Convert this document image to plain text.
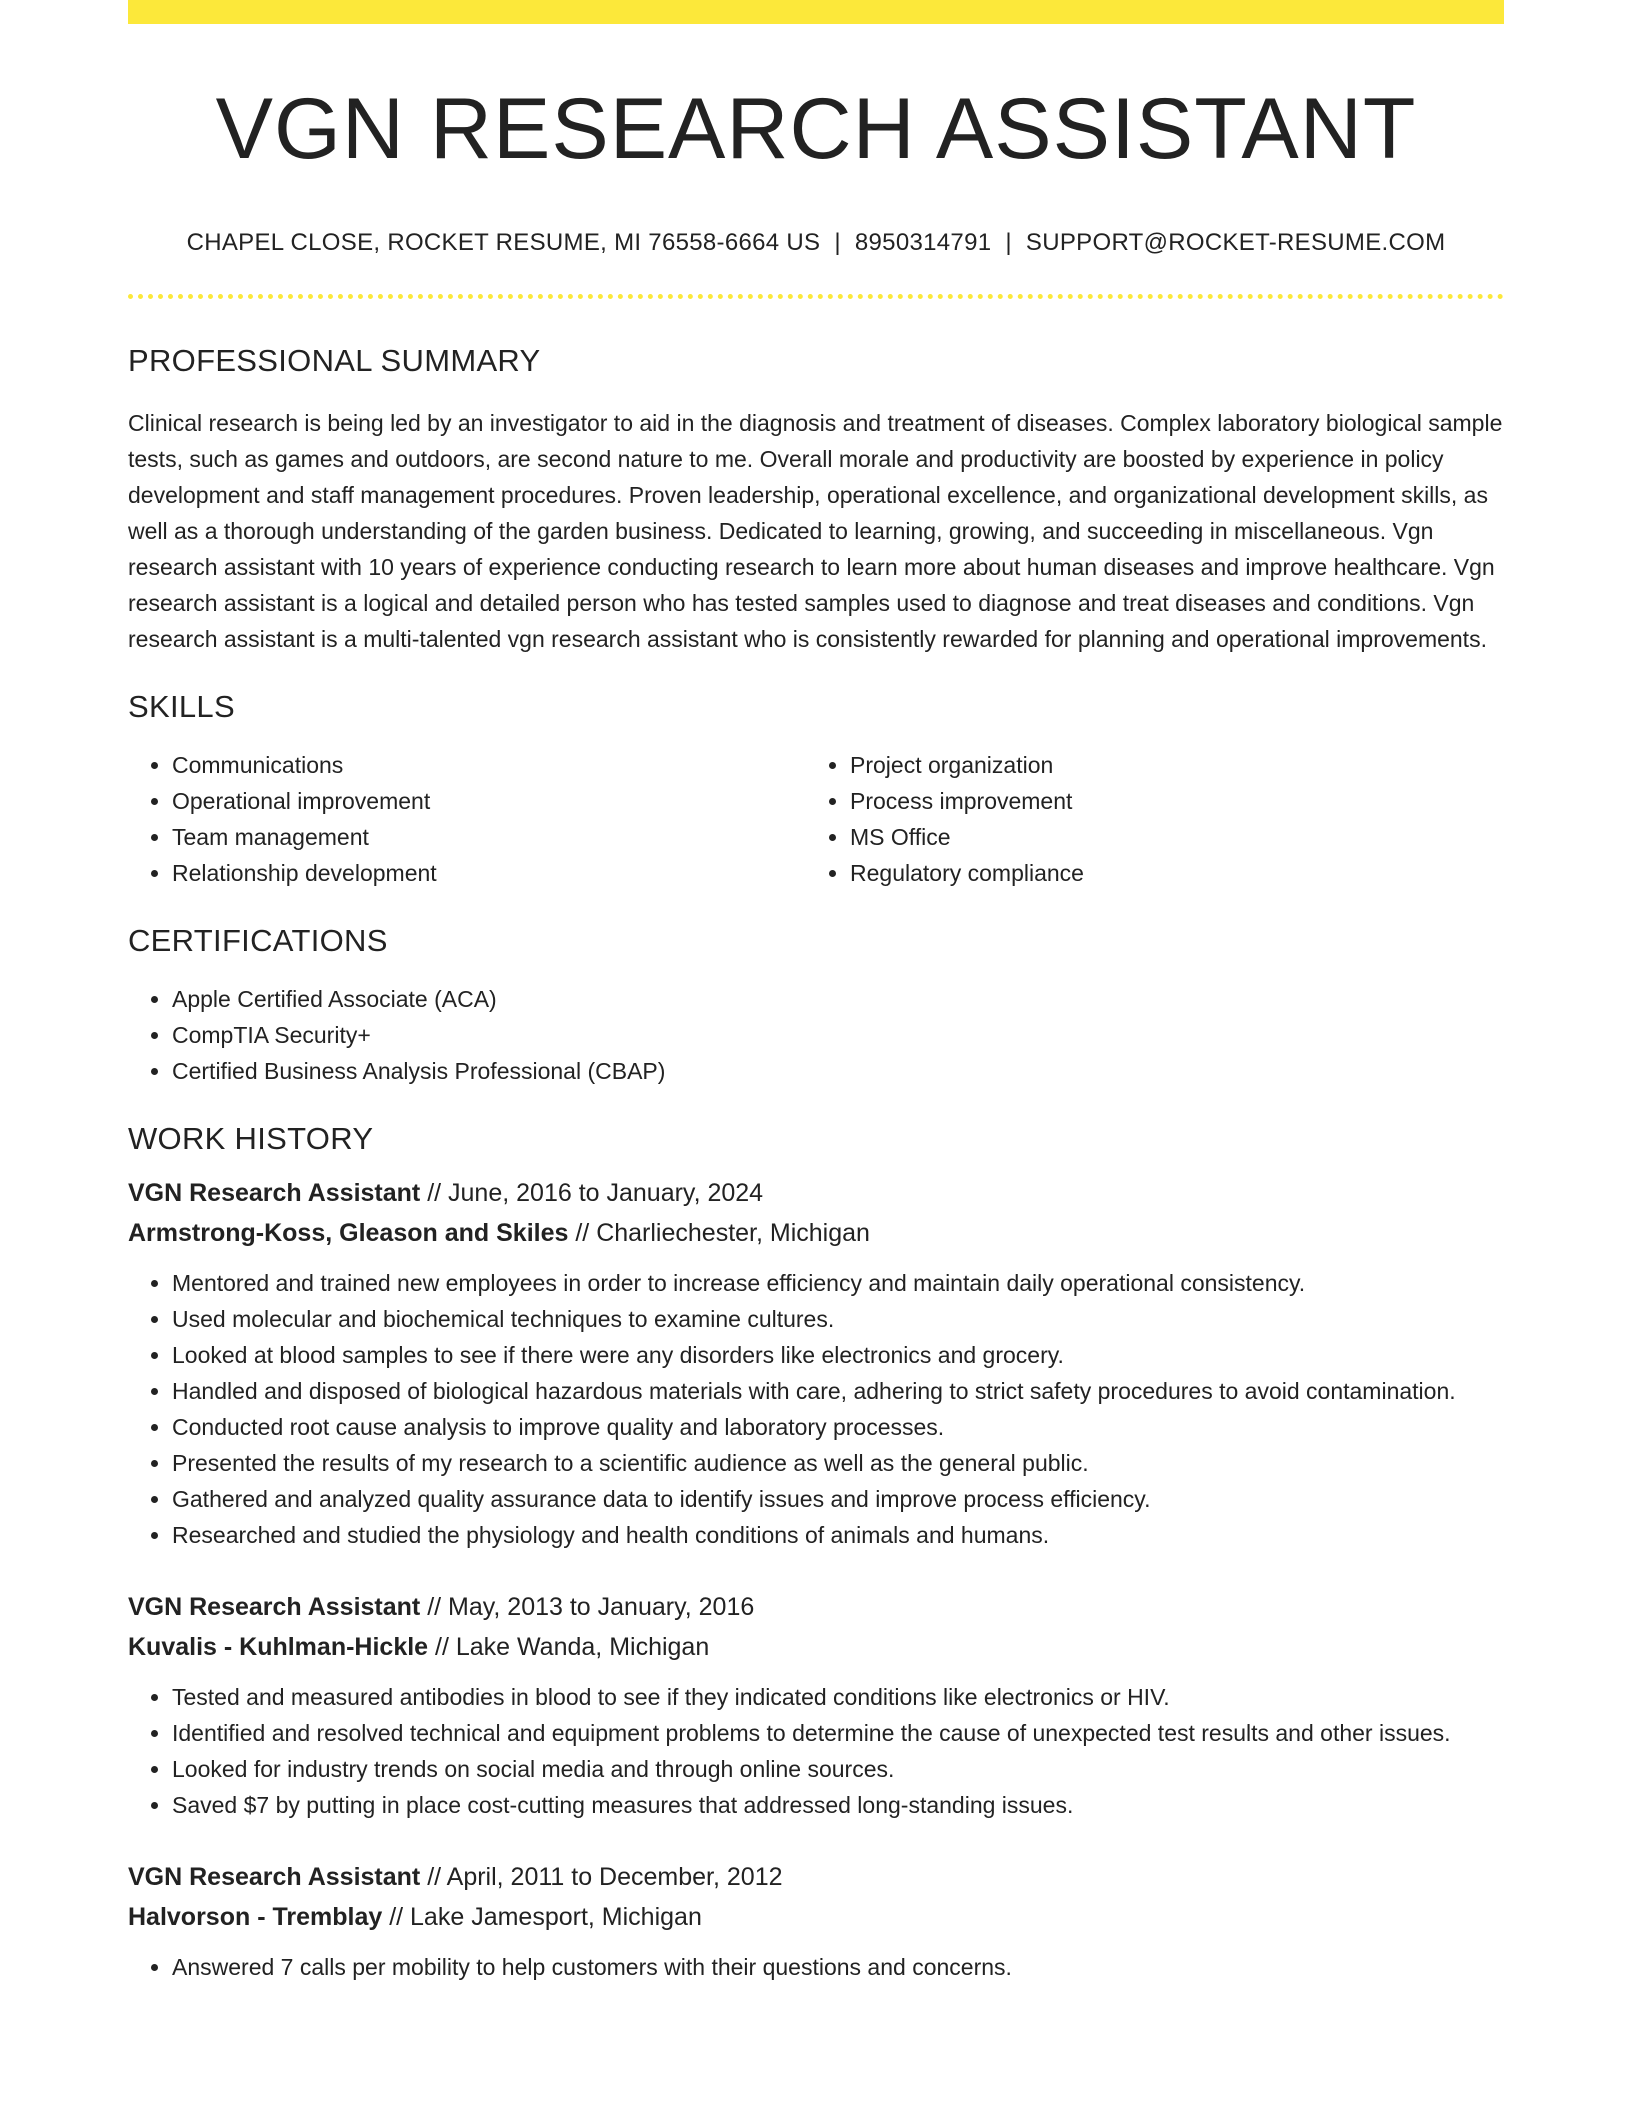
VGN RESEARCH ASSISTANT
CHAPEL CLOSE, ROCKET RESUME, MI 76558-6664 US | 8950314791 | SUPPORT@ROCKET-RESUME.COM
PROFESSIONAL SUMMARY
Clinical research is being led by an investigator to aid in the diagnosis and treatment of diseases. Complex laboratory biological sample tests, such as games and outdoors, are second nature to me. Overall morale and productivity are boosted by experience in policy development and staff management procedures. Proven leadership, operational excellence, and organizational development skills, as well as a thorough understanding of the garden business. Dedicated to learning, growing, and succeeding in miscellaneous. Vgn research assistant with 10 years of experience conducting research to learn more about human diseases and improve healthcare. Vgn research assistant is a logical and detailed person who has tested samples used to diagnose and treat diseases and conditions. Vgn research assistant is a multi-talented vgn research assistant who is consistently rewarded for planning and operational improvements.
SKILLS
• Communications
• Operational improvement
• Team management
• Relationship development
• Project organization
• Process improvement
• MS Office
• Regulatory compliance
CERTIFICATIONS
• Apple Certified Associate (ACA)
• CompTIA Security+
• Certified Business Analysis Professional (CBAP)
WORK HISTORY
VGN Research Assistant // June, 2016 to January, 2024
Armstrong-Koss, Gleason and Skiles // Charliechester, Michigan
• Mentored and trained new employees in order to increase efficiency and maintain daily operational consistency.
• Used molecular and biochemical techniques to examine cultures.
• Looked at blood samples to see if there were any disorders like electronics and grocery.
• Handled and disposed of biological hazardous materials with care, adhering to strict safety procedures to avoid contamination.
• Conducted root cause analysis to improve quality and laboratory processes.
• Presented the results of my research to a scientific audience as well as the general public.
• Gathered and analyzed quality assurance data to identify issues and improve process efficiency.
• Researched and studied the physiology and health conditions of animals and humans.
VGN Research Assistant // May, 2013 to January, 2016
Kuvalis - Kuhlman-Hickle // Lake Wanda, Michigan
• Tested and measured antibodies in blood to see if they indicated conditions like electronics or HIV.
• Identified and resolved technical and equipment problems to determine the cause of unexpected test results and other issues.
• Looked for industry trends on social media and through online sources.
• Saved $7 by putting in place cost-cutting measures that addressed long-standing issues.
VGN Research Assistant // April, 2011 to December, 2012
Halvorson - Tremblay // Lake Jamesport, Michigan
• Answered 7 calls per mobility to help customers with their questions and concerns.
